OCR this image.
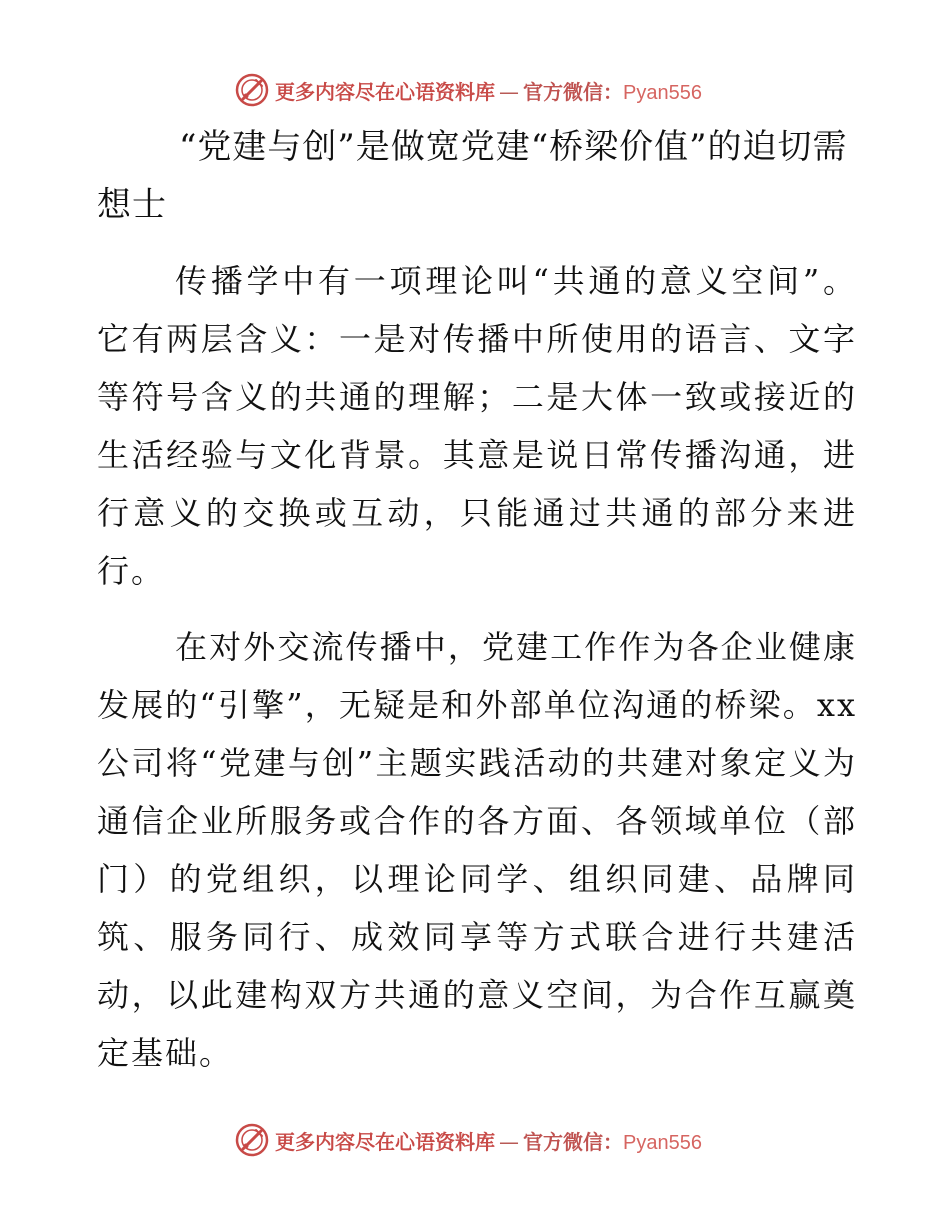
更多内容尽在心语资料库 — 官方微信：Pyan556
“党建与创”是做宽党建“桥梁价值”的迫切需想士

传播学中有一项理论叫“共通的意义空间”。它有两层含义：一是对传播中所使用的语言、文字等符号含义的共通的理解；二是大体一致或接近的生活经验与文化背景。其意是说日常传播沟通，进行意义的交换或互动，只能通过共通的部分来进行。

在对外交流传播中，党建工作作为各企业健康发展的“引擎”，无疑是和外部单位沟通的桥梁。xx公司将“党建与创”主题实践活动的共建对象定义为通信企业所服务或合作的各方面、各领域单位（部门）的党组织，以理论同学、组织同建、品牌同筑、服务同行、成效同享等方式联合进行共建活动，以此建构双方共通的意义空间，为合作互赢奠定基础。

更多内容尽在心语资料库 — 官方微信：Pyan556
